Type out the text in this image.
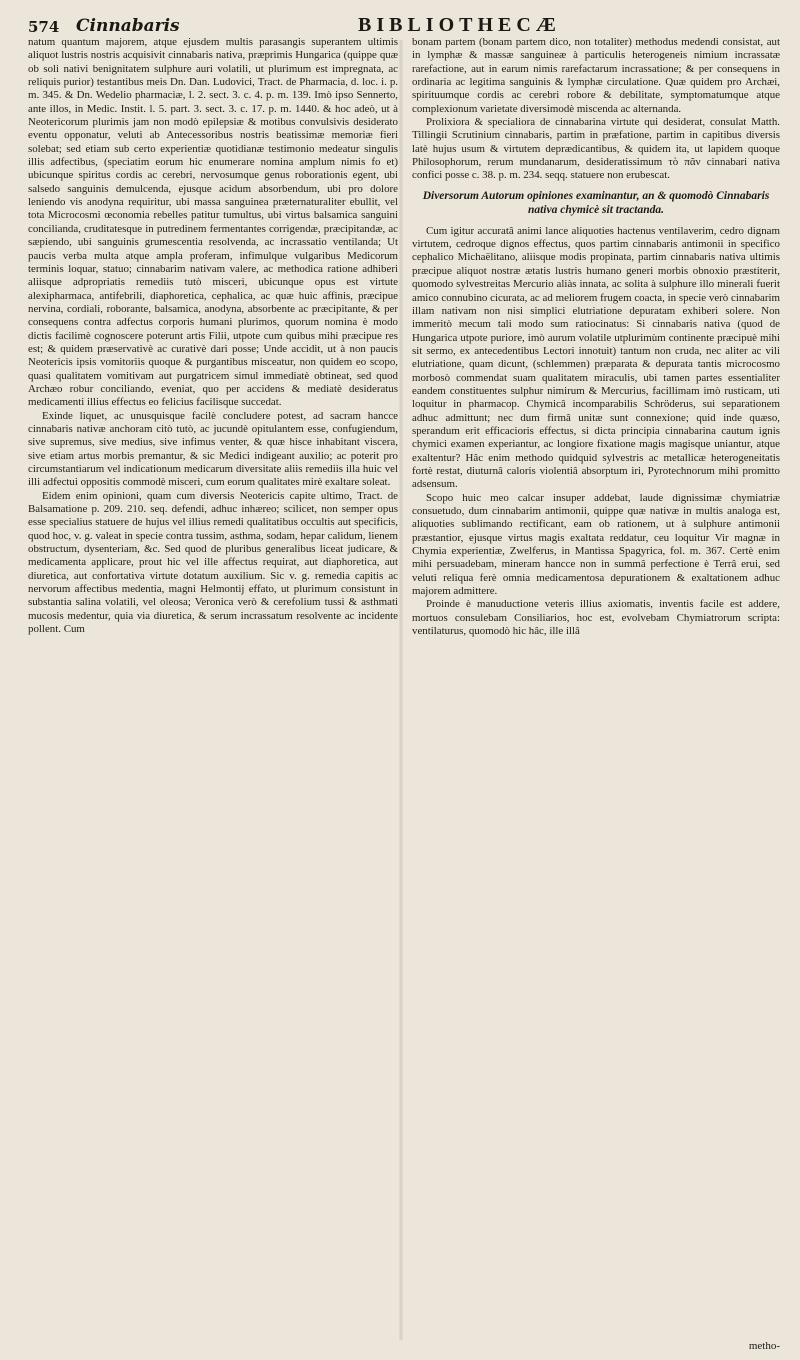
574 Cinnabaris	BIBLIOTHECÆ

natum quantum majorem, atque ejusdem multis parasangis superantem ultimis aliquot lustris nostris acquisivit cinnabaris nativa, præprimis Hungarica (quippe quæ ob soli nativi benignitatem sulphure auri volatili, ut plurimum est impregnata, ac reliquis purior) testantibus meis Dn. Dan. Ludovici, Tract. de Pharmacia, d. loc. i. p. m. 345. & Dn. Wedelio pharmaciæ, l. 2. sect. 3. c. 4. p. m. 139. Imò ipso Sennerto, ante illos, in Medic. Instit. l. 5. part. 3. sect. 3. c. 17. p. m. 1440. & hoc adeò, ut à Neotericorum plurimis jam non modò epilepsiæ & motibus convulsivis desiderato eventu opponatur, veluti ab Antecessoribus nostris beatissimæ memoriæ fieri solebat; sed etiam sub certo experientiæ quotidianæ testimonio medeatur singulis illis adfectibus, (speciatim eorum hic enumerare nomina amplum nimis fo et) ubicunque spiritus cordis ac cerebri, nervosumque genus roborationis egent, ubi salsedo sanguinis demulcenda, ejusque acidum absorbendum, ubi pro dolore leniendo vis anodyna requiritur, ubi massa sanguinea præternaturaliter ebullit, vel tota Microcosmi œconomia rebelles patitur tumultus, ubi virtus balsamica sanguini concilianda, cruditatesque in putredinem fermentantes corrigendæ, præcipitandæ, ac sæpiendo, ubi sanguinis grumescentia resolvenda, ac incrassatio ventilanda; Ut paucis verba multa atque ampla proferam, infimulque vulgaribus Medicorum terminis loquar, statuo; cinnabarim nativam valere, ac methodica ratione adhiberi aliisque adpropriatis remediis tutò misceri, ubicunque opus est virtute alexipharmaca, antifebrili, diaphoretica, cephalica, ac quæ huic affinis, præcipue nervina, cordiali, roborante, balsamica, anodyna, absorbente ac præcipitante, & per consequens contra adfectus corporis humani plurimos, quorum nomina è modo dictis facilimè cognoscere poterunt artis Filii, utpote cum quibus mihi præcipue res est; & quidem præservativè ac curativè dari posse; Unde accidit, ut à non paucis Neotericis ipsis vomitoriis quoque & purgantibus misceatur, non quidem eo scopo, quasi qualitatem vomitivam aut purgatricem simul immediatè obtineat, sed quod Archæo robur conciliando, eveniat, quo per accidens & mediatè desideratus medicamenti illius effectus eo felicius facilisque succedat.

Exinde liquet, ac unusquisque facilè concludere potest, ad sacram hancce cinnabaris nativæ anchoram citò tutò, ac jucundè opitulantem esse, confugiendum, sive supremus, sive medius, sive infimus venter, & quæ hisce inhabitant viscera, sive etiam artus morbis premantur, & sic Medici indigeant auxilio; ac poterit pro circumstantiarum vel indicationum medicarum diversitate aliis remediis illa huic vel illi adfectui oppositis commodè misceri, cum eorum qualitates mirè exaltare soleat.

Eidem enim opinioni, quam cum diversis Neotericis capite ultimo, Tract. de Balsamatione p. 209. 210. seq. defendi, adhuc inhæreo; scilicet, non semper opus esse specialius statuere de hujus vel illius remedi qualitatibus occultis aut specificis, quod hoc, v. g. valeat in specie contra tussim, asthma, sodam, hepar calidum, lienem obstructum, dysenteriam, &c. Sed quod de pluribus generalibus liceat judicare, & medicamenta applicare, prout hic vel ille affectus requirat, aut diaphoretica, aut diuretica, aut confortativa virtute dotatum auxilium. Sic v. g. remedia capitis ac nervorum affectibus medentia, magni Helmontij effato, ut plurimum consistunt in substantia salina volatili, vel oleosa; Veronica verò & cerefolium tussi & asthmati mucosis medentur, quia via diuretica, & serum incrassatum resolvente ac incidente pollent. Cum

bonam partem (bonam partem dico, non totaliter) methodus medendi consistat, aut in lymphæ & massæ sanguineæ à particulis heterogeneis nimium incrassatæ rarefactione, aut in earum nimis rarefactarum incrassatione; & per consequens in ordinaria ac legitima sanguinis & lymphæ circulatione. Quæ quidem pro Archæi, spirituumque cordis ac cerebri robore & debilitate, symptomatumque atque complexionum varietate diversimodè miscenda ac alternanda.

Prolixiora & specialiora de cinnabarina virtute qui desiderat, consulat Matth. Tillingii Scrutinium cinnabaris, partim in præfatione, partim in capitibus diversis latè hujus usum & virtutem deprædicantibus, & quidem ita, ut lapidem quoque Philosophorum, rerum mundanarum, desideratissimum τὸ πᾶν cinnabari nativa confici posse c. 38. p. m. 234. seqq. statuere non erubescat.

Diversorum Autorum opiniones examinantur, an & quomodò Cinnabaris nativa chymicè sit tractanda.

Cum igitur accuratâ animi lance aliquoties hactenus ventilaverim, cedro dignam virtutem, cedroque dignos effectus, quos partim cinnabaris antimonii in specifico cephalico Michaëlitano, aliisque modis propinata, partim cinnabaris nativa ultimis præcipue aliquot nostræ ætatis lustris humano generi morbis obnoxio præstiterit, quomodo sylvestreitas Mercurio aliàs innata, ac solita à sulphure illo minerali fuerit amico connubino cicurata, ac ad meliorem frugem coacta, in specie verò cinnabarim illam nativam non nisi simplici elutriatione depuratam exhiberi solere. Non immeritò mecum tali modo sum ratiocinatus: Si cinnabaris nativa (quod de Hungarica utpote puriore, imò aurum volatile utplurimùm continente præcipuè mihi sit sermo, ex antecedentibus Lectori innotuit) tantum non cruda, nec aliter ac vili elutriatione, quam dicunt, (schlemmen) præparata & depurata tantis microcosmo morbosò commendat suam qualitatem miraculis, ubi tamen partes essentialiter eandem constituentes sulphur nimirum & Mercurius, facillimam imò rusticam, uti loquitur in pharmacop. Chymicâ incomparabilis Schröderus, sui separationem adhuc admittunt; nec dum firmâ unitæ sunt connexione; quid inde quæso, sperandum erit efficacioris effectus, si dicta principia cinnabarina cautum ignis chymici examen experiantur, ac longiore fixatione magis magisque uniantur, atque exaltentur? Hâc enim methodo quidquid sylvestris ac metallicæ heterogeneitatis fortè restat, diuturnâ caloris violentiâ absorptum iri, Pyrotechnorum mihi promitto adsensum.

Scopo huic meo calcar insuper addebat, laude dignissimæ chymiatriæ consuetudo, dum cinnabarim antimonii, quippe quæ nativæ in multis analoga est, aliquoties sublimando rectificant, eam ob rationem, ut à sulphure antimonii præstantior, ejusque virtus magis exaltata reddatur, ceu loquitur Vir magnæ in Chymia experientiæ, Zwelferus, in Mantissa Spagyrica, fol. m. 367. Certè enim mihi persuadebam, mineram hancce non in summâ perfectione è Terrâ erui, sed veluti reliqua ferè omnia medicamentosa depurationem & exaltationem adhuc majorem admittere.

Proinde è manuductione veteris illius axiomatis, inventis facile est addere, mortuos consulebam Consiliarios, hoc est, evolvebam Chymiatrorum scripta: ventilaturus, quomodò hic hâc, ille illâ

metho-
